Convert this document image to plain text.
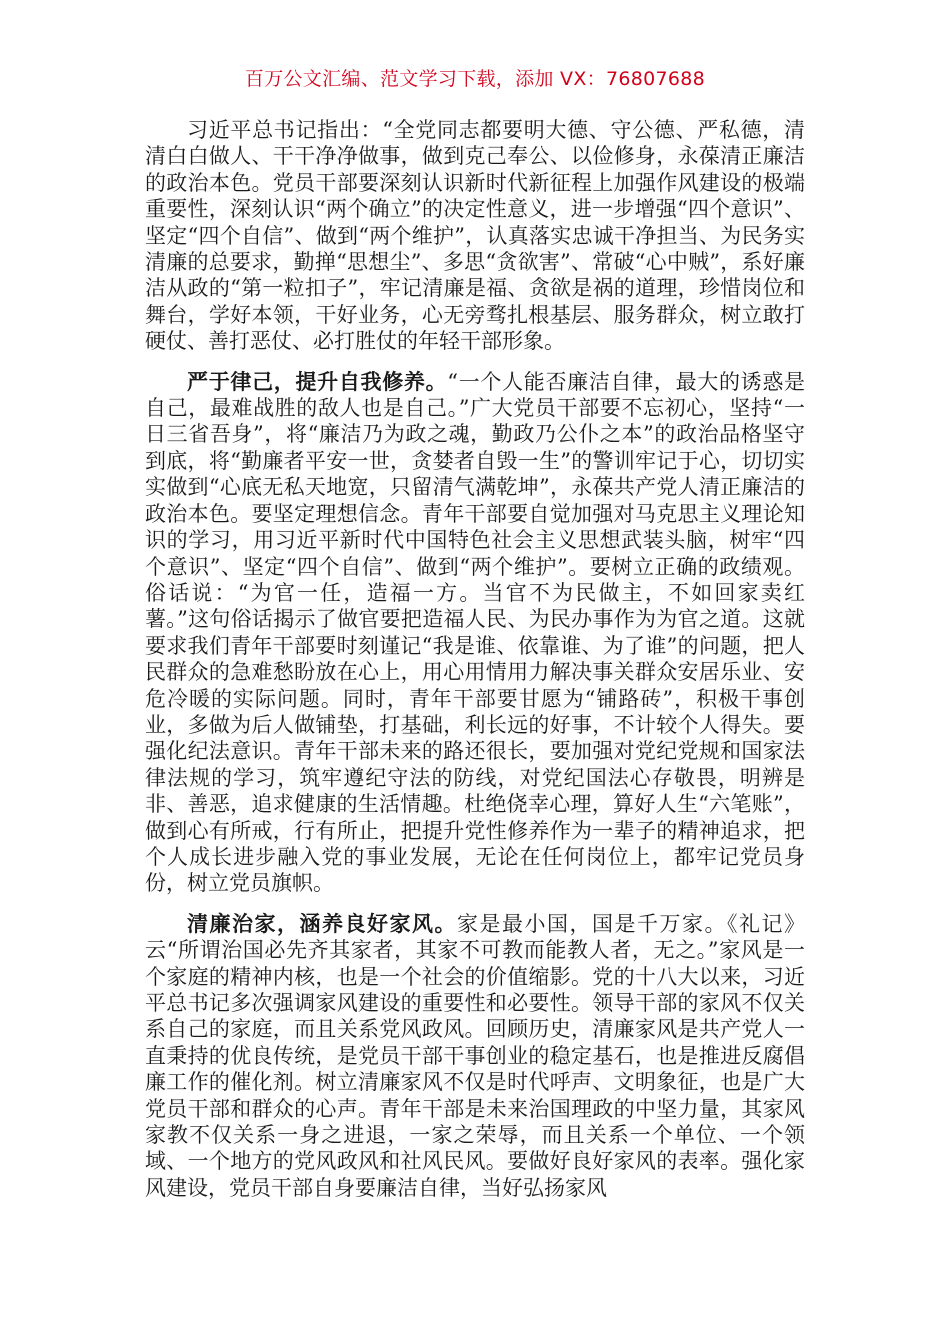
百万公文汇编、范文学习下载，添加 VX：76807688

习近平总书记指出：“全党同志都要明大德、守公德、严私德，清清白白做人、干干净净做事，做到克己奉公、以俭修身，永葆清正廉洁的政治本色。党员干部要深刻认识新时代新征程上加强作风建设的极端重要性，深刻认识“两个确立”的决定性意义，进一步增强“四个意识”、坚定“四个自信”、做到“两个维护”，认真落实忠诚干净担当、为民务实清廉的总要求，勤掸“思想尘”、多思“贪欲害”、常破“心中贼”，系好廉洁从政的“第一粒扣子”，牢记清廉是福、贪欲是祸的道理，珍惜岗位和舞台，学好本领，干好业务，心无旁骛扎根基层、服务群众，树立敢打硬仗、善打恶仗、必打胜仗的年轻干部形象。

严于律己，提升自我修养。“一个人能否廉洁自律，最大的诱惑是自己，最难战胜的敌人也是自己。”广大党员干部要不忘初心，坚持“一日三省吾身”，将“廉洁乃为政之魂，勤政乃公仆之本”的政治品格坚守到底，将“勤廉者平安一世，贪婪者自毁一生”的警训牢记于心，切切实实做到“心底无私天地宽，只留清气满乾坤”，永葆共产党人清正廉洁的政治本色。要坚定理想信念。青年干部要自觉加强对马克思主义理论知识的学习，用习近平新时代中国特色社会主义思想武装头脑，树牢“四个意识”、坚定“四个自信”、做到“两个维护”。要树立正确的政绩观。俗话说：“为官一任，造福一方。当官不为民做主，不如回家卖红薯。”这句俗话揭示了做官要把造福人民、为民办事作为为官之道。这就要求我们青年干部要时刻谨记“我是谁、依靠谁、为了谁”的问题，把人民群众的急难愁盼放在心上，用心用情用力解决事关群众安居乐业、安危冷暖的实际问题。同时，青年干部要甘愿为“铺路砖”，积极干事创业，多做为后人做铺垫，打基础，利长远的好事，不计较个人得失。要强化纪法意识。青年干部未来的路还很长，要加强对党纪党规和国家法律法规的学习，筑牢遵纪守法的防线，对党纪国法心存敬畏，明辨是非、善恶，追求健康的生活情趣。杜绝侥幸心理，算好人生“六笔账”，做到心有所戒，行有所止，把提升党性修养作为一辈子的精神追求，把个人成长进步融入党的事业发展，无论在任何岗位上，都牢记党员身份，树立党员旗帜。

清廉治家，涵养良好家风。家是最小国，国是千万家。《礼记》云“所谓治国必先齐其家者，其家不可教而能教人者，无之。”家风是一个家庭的精神内核，也是一个社会的价值缩影。党的十八大以来，习近平总书记多次强调家风建设的重要性和必要性。领导干部的家风不仅关系自己的家庭，而且关系党风政风。回顾历史，清廉家风是共产党人一直秉持的优良传统，是党员干部干事创业的稳定基石，也是推进反腐倡廉工作的催化剂。树立清廉家风不仅是时代呼声、文明象征，也是广大党员干部和群众的心声。青年干部是未来治国理政的中坚力量，其家风家教不仅关系一身之进退，一家之荣辱，而且关系一个单位、一个领域、一个地方的党风政风和社风民风。要做好良好家风的表率。强化家风建设，党员干部自身要廉洁自律，当好弘扬家风
